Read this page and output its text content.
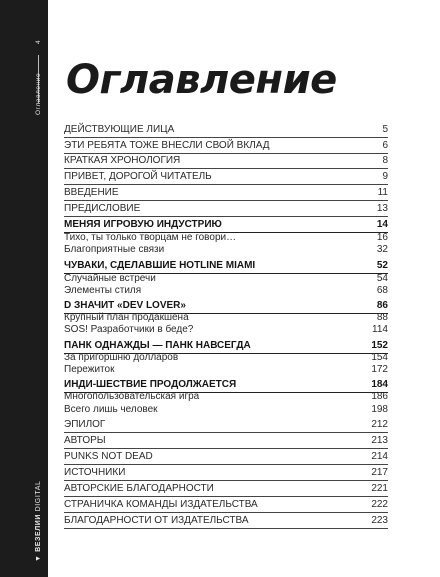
4
Оглавление
▼ ВЕЗЕЛИИ DIGITAL
Оглавление
ДЕЙСТВУЮЩИЕ ЛИЦА	5
ЭТИ РЕБЯТА ТОЖЕ ВНЕСЛИ СВОЙ ВКЛАД	6
КРАТКАЯ ХРОНОЛОГИЯ	8
ПРИВЕТ, ДОРОГОЙ ЧИТАТЕЛЬ	9
ВВЕДЕНИЕ	11
ПРЕДИСЛОВИЕ	13
МЕНЯЯ ИГРОВУЮ ИНДУСТРИЮ	14
Тихо, ты только творцам не говори…	16
Благоприятные связи	32
ЧУВАКИ, СДЕЛАВШИЕ HOTLINE MIAMI	52
Случайные встречи	54
Элементы стиля	68
D ЗНАЧИТ «DEV LOVER»	86
Крупный план продакшена	88
SOS! Разработчики в беде?	114
ПАНК ОДНАЖДЫ — ПАНК НАВСЕГДА	152
За пригоршню долларов	154
Пережиток	172
ИНДИ-ШЕСТВИЕ ПРОДОЛЖАЕТСЯ	184
Многопользовательская игра	186
Всего лишь человек	198
ЭПИЛОГ	212
АВТОРЫ	213
PUNKS NOT DEAD	214
ИСТОЧНИКИ	217
АВТОРСКИЕ БЛАГОДАРНОСТИ	221
СТРАНИЧКА КОМАНДЫ ИЗДАТЕЛЬСТВА	222
БЛАГОДАРНОСТИ ОТ ИЗДАТЕЛЬСТВА	223
